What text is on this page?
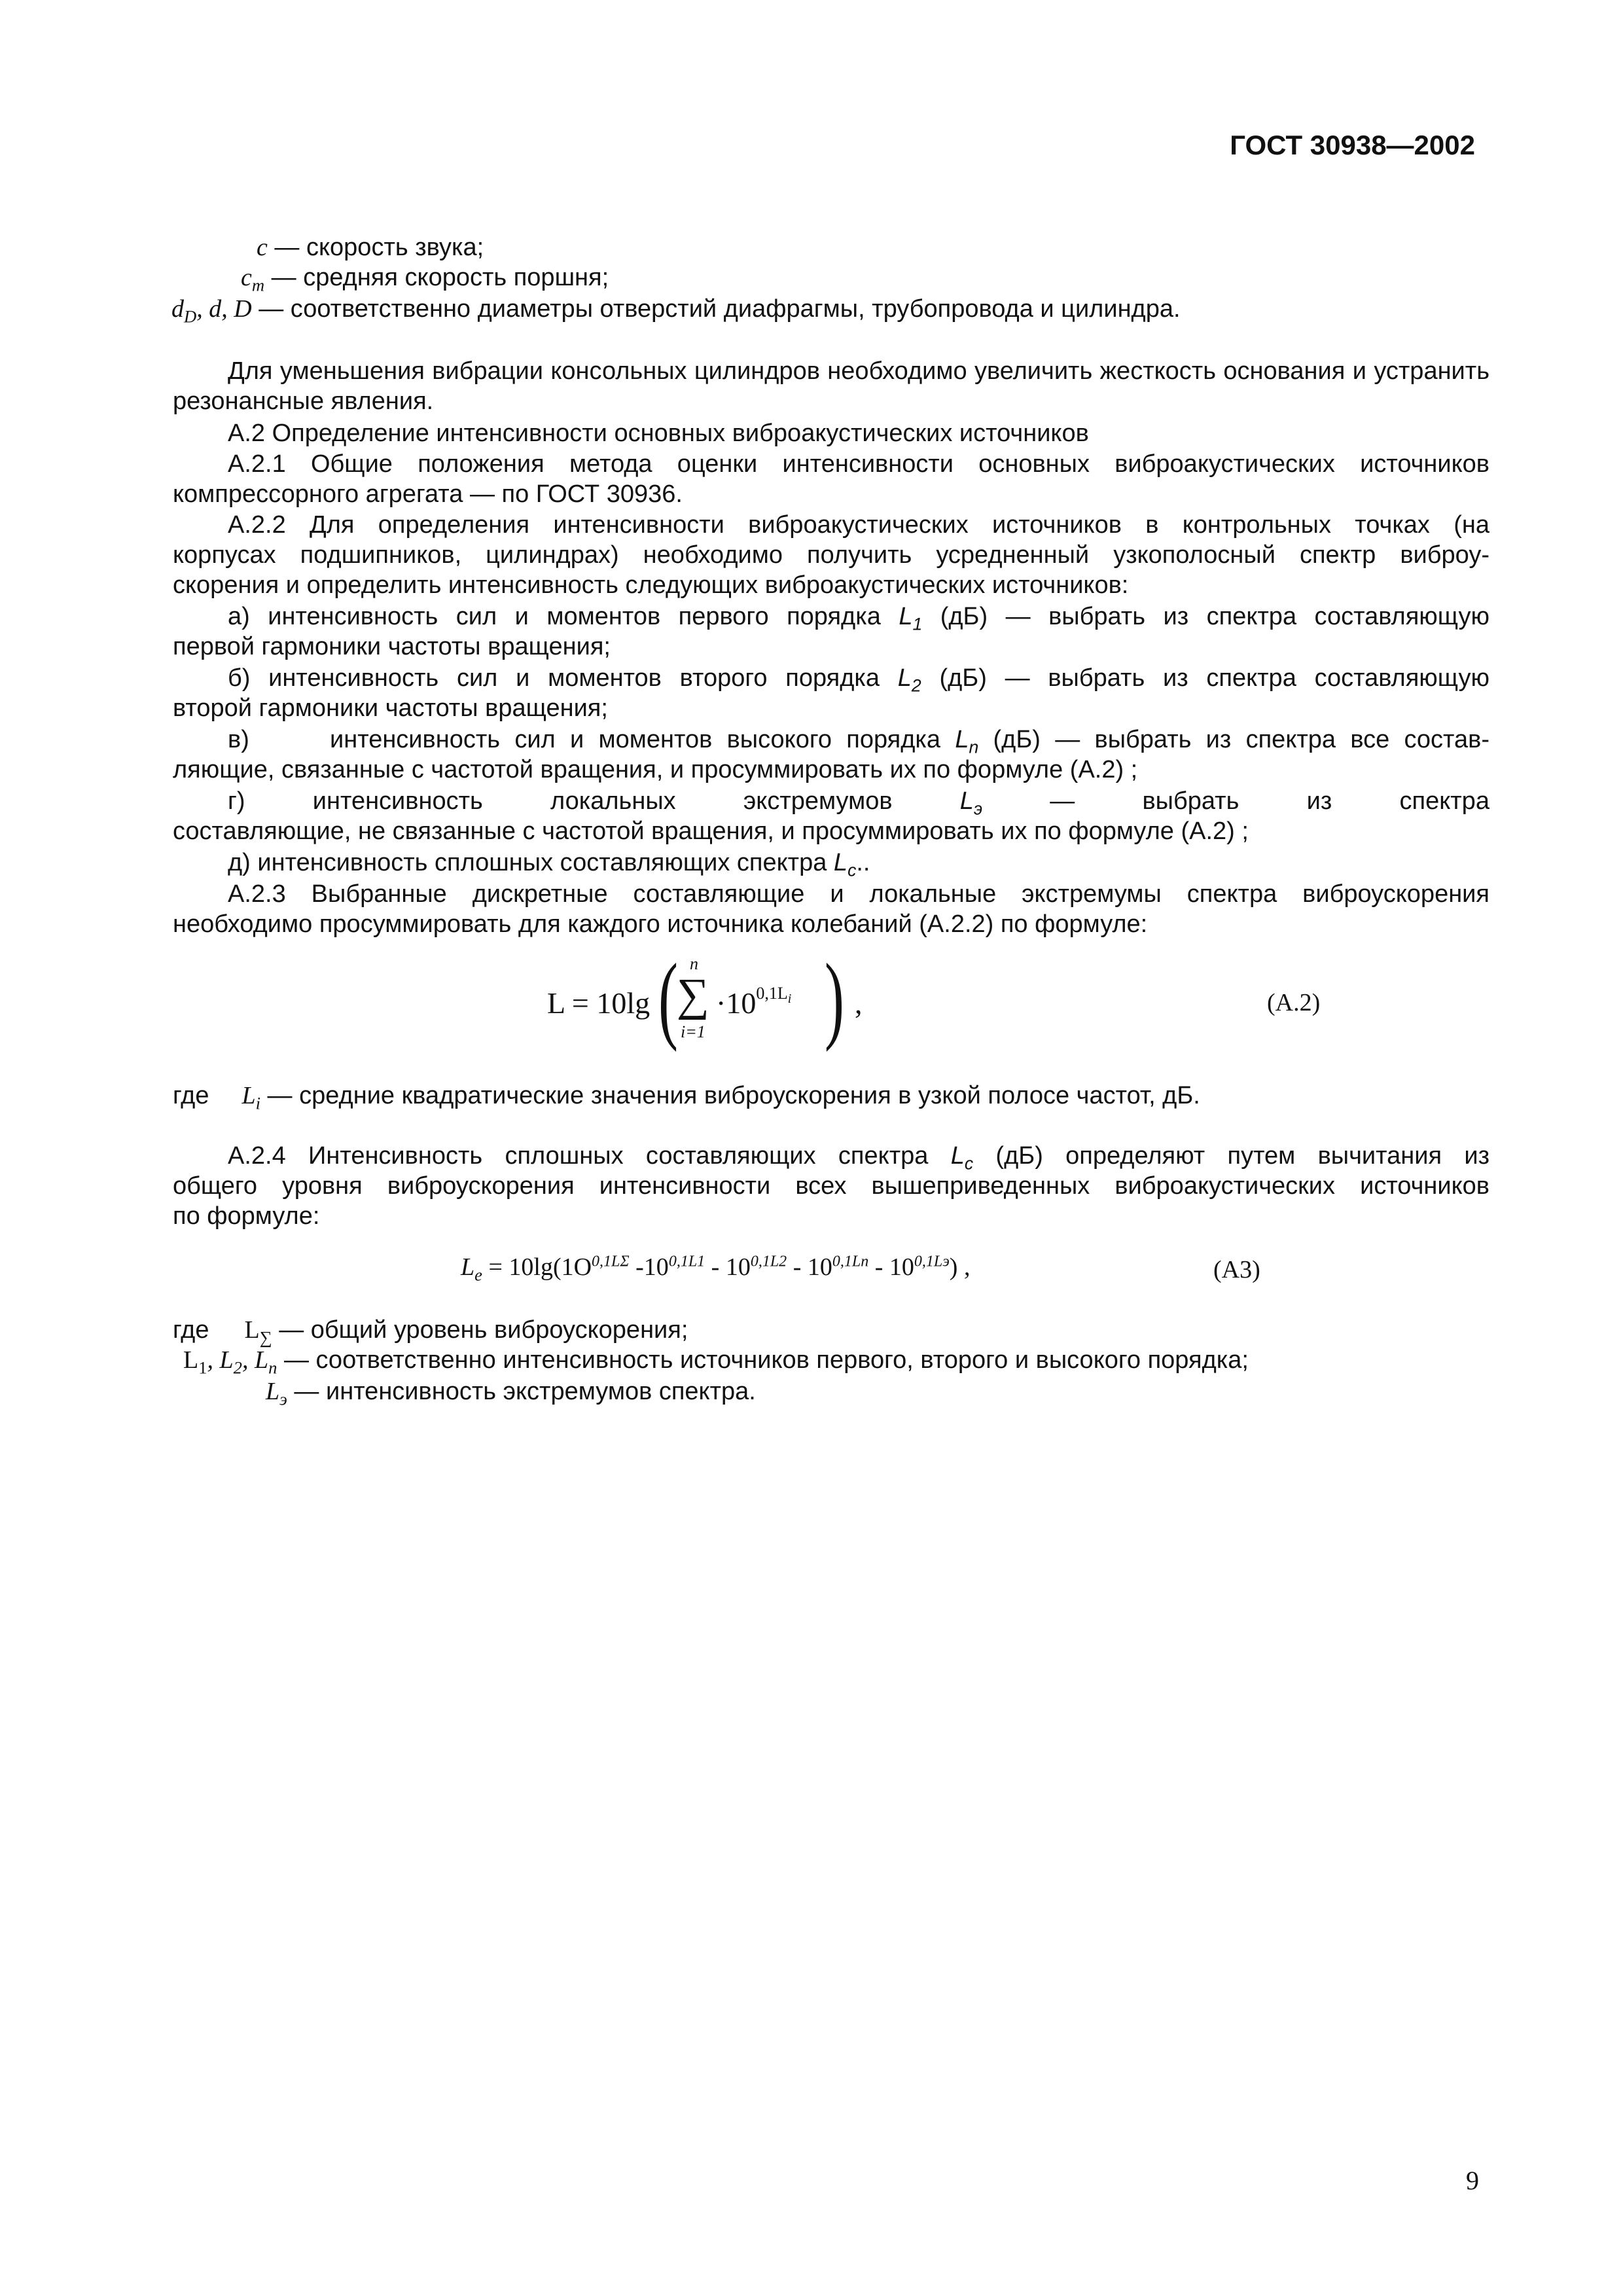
ГОСТ 30938—2002
c — скорость звука;
$c_m$ — средняя скорость поршня;
$d_D$, d, D — соответственно диаметры отверстий диафрагмы, трубопровода и цилиндра.
Для уменьшения вибрации консольных цилиндров необходимо увеличить жесткость основания и устранить резонансные явления.
А.2 Определение интенсивности основных виброакустических источников
А.2.1 Общие положения метода оценки интенсивности основных виброакустических источников компрессорного агрегата — по ГОСТ 30936.
А.2.2 Для определения интенсивности виброакустических источников в контрольных точках (на
корпусах подшипников, цилиндрах) необходимо получить усредненный узкополосный спектр виброу-
скорения и определить интенсивность следующих виброакустических источников:
а) интенсивность сил и моментов первого порядка $L_1$ (дБ) — выбрать из спектра составляющую
первой гармоники частоты вращения;
б) интенсивность сил и моментов второго порядка $L_2$ (дБ) — выбрать из спектра составляющую
второй гармоники частоты вращения;
в)	интенсивность сил и моментов высокого порядка $L_n$ (дБ) — выбрать из спектра все состав-
ляющие, связанные с частотой вращения, и просуммировать их по формуле (А.2) ;
г)	интенсивность	локальных	экстремумов	$L_э$	—	выбрать	из	спектра
составляющие, не связанные с частотой вращения, и просуммировать их по формуле (А.2) ;
д) интенсивность сплошных составляющих спектра $L_c$..
А.2.3 Выбранные дискретные составляющие и локальные экстремумы спектра виброускорения
необходимо просуммировать для каждого источника колебаний (А.2.2) по формуле:
L = 10lg ( n
∑
i=1
$\cdot 10^{0,1L_i}$ ) ,	(А.2)
где $L_i$ — средние квадратические значения виброускорения в узкой полосе частот, дБ.
А.2.4 Интенсивность сплошных составляющих спектра $L_c$ (дБ) определяют путем вычитания из
общего уровня виброускорения интенсивности всех вышеприведенных виброакустических источников
по формуле:
$L_e = 10\lg(1O^{0,1L\Sigma}$ $-10^{0,1L1} - 10^{0,1L2} - 10^{0,1Ln} - 10^{0,1Lэ}$) ,	(А3)
где $L_\sum$ — общий уровень виброускорения;
$L_1$, $L_2$, $L_n$ — соответственно интенсивность источников первого, второго и высокого порядка;
$L_э$ — интенсивность экстремумов спектра.
9
